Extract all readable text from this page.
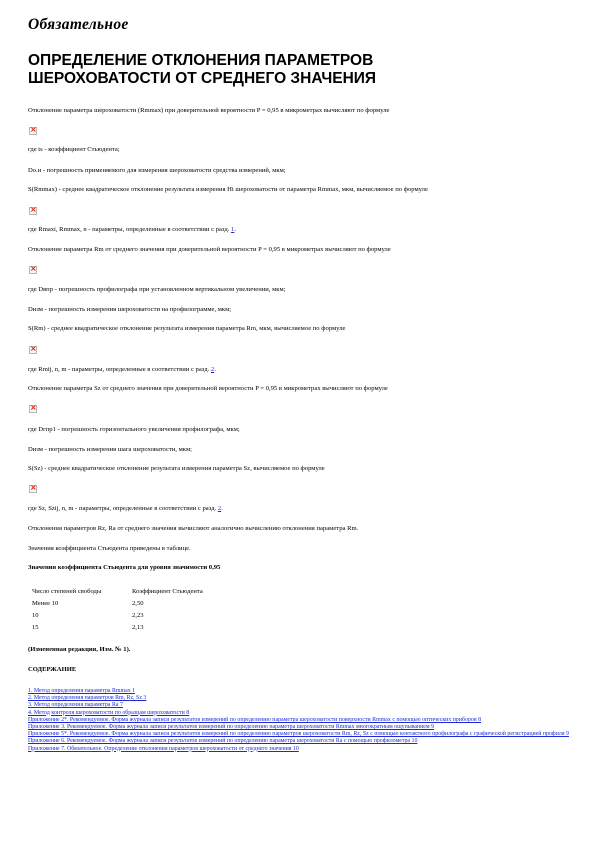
Обязательное
ОПРЕДЕЛЕНИЕ ОТКЛОНЕНИЯ ПАРАМЕТРОВ ШЕРОХОВАТОСТИ ОТ СРЕДНЕГО ЗНАЧЕНИЯ
Отклонение параметра шероховатости (Rmmax) при доверительной вероятности P = 0,95 в микрометрах вычисляют по формуле
×
где ts - коэффициент Стьюдента;
Dо.и - погрешность применяемого для измерения шероховатости средства измерений, мкм;
S(Rmmax) - среднее квадратическое отклонение результата измерения Hi шероховатости от параметра Rmmax, мкм, вычисляемое по формуле
×
где Rmaxi, Rmmax, n - параметры, определенные в соответствии с разд. 1.
Отклонение параметра Rm от среднего значения при доверительной вероятности P = 0,95 в микрометрах вычисляют по формуле
×
где Dвпр - погрешность профилографа при установленном вертикальном увеличении, мкм;
Dизм - погрешность измерения шероховатости на профилограмме, мкм;
S(Rm) - среднее квадратическое отклонение результата измерения параметра Rm, мкм, вычисляемое по формуле
×
где Rmij, n, m - параметры, определенные в соответствии с разд. 2.
Отклонение параметра Sz от среднего значения при доверительной вероятности P = 0,95 в микрометрах вычисляют по формуле
×
где Dгпр1 - погрешность горизонтального увеличения профилографа, мкм;
Dизм - погрешность измерения шага шероховатости, мкм;
S(Sz) - среднее квадратическое отклонение результата измерения параметра Sz, вычисляемое по формуле
×
где Sz, Szij, n, m - параметры, определенные в соответствии с разд. 2.
Отклонения параметров Rz, Ra от среднего значения вычисляют аналогично вычислению отклонения параметра Rm.
Значения коэффициента Стьюдента приведены в таблице.
Значения коэффициента Стьюдента для уровня значимости 0,95
Число степеней свободы	Коэффициент Стьюдента
Менее 10	2,50
10	2,23
15	2,13
(Измененная редакция, Изм. № 1).
СОДЕРЖАНИЕ
1. Метод определения параметра Rmmax 1
2. Метод определения параметров Rm, Rz, Sz 3
3. Метод определения параметра Ra 7
4. Метод контроля шероховатости по образцам шероховатости 8
Приложение 2*. Рекомендуемое. Форма журнала записи результатов измерений по определению параметра шероховатости поверхности Rmmax с помощью оптических приборов 8
Приложение 3. Рекомендуемое. Форма журнала записи результатов измерений по определению параметра шероховатости Rmmax многократным ощупыванием 9
Приложение 5*. Рекомендуемое. Форма журнала записи результатов измерений по определению параметров шероховатости Rm, Rz, Sz с помощью контактного профилографа с графической регистрацией профиля 9
Приложение 6. Рекомендуемое. Форма журнала записи результатов измерений по определению параметра шероховатости Ra с помощью профилометра 10
Приложение 7. Обязательное. Определение отклонения параметров шероховатости от среднего значения 10
